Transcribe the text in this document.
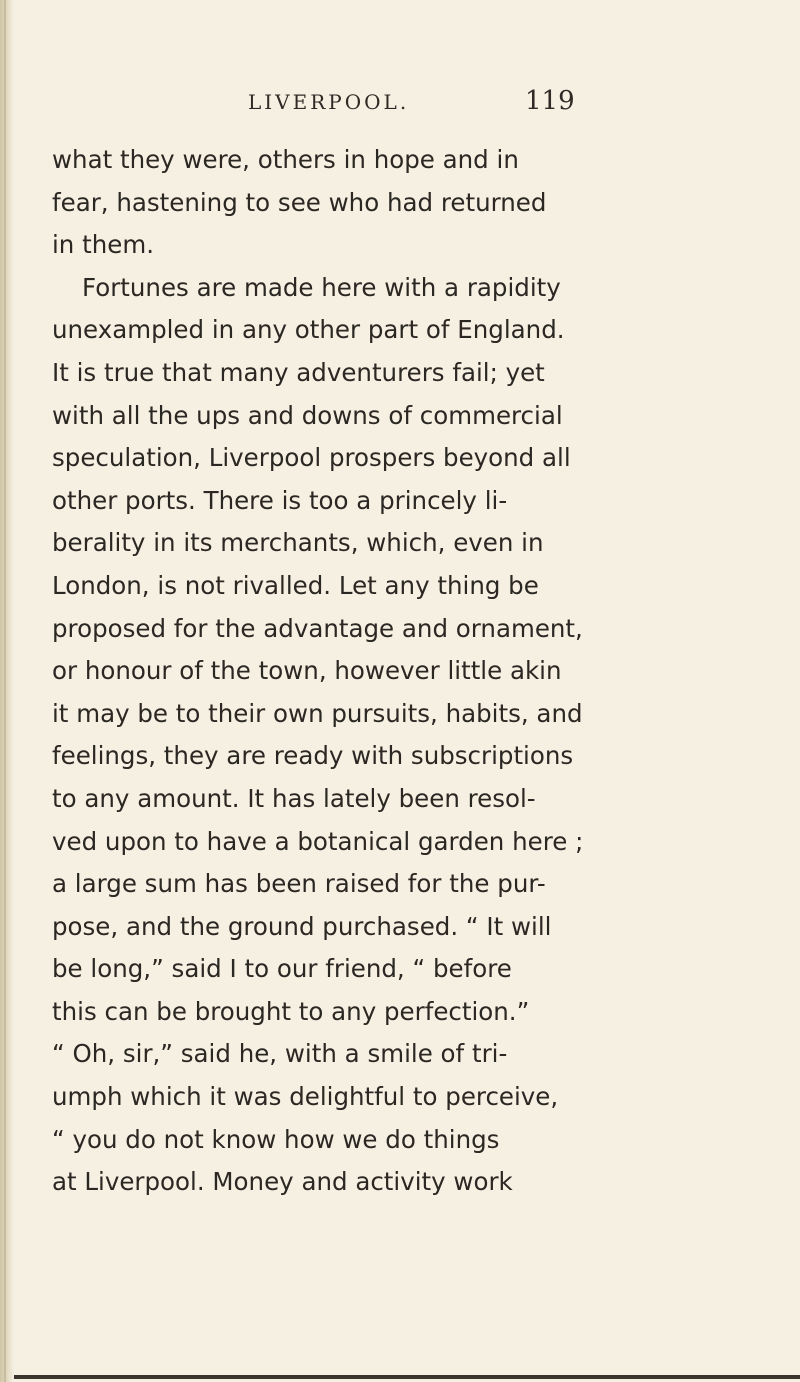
LIVERPOOL.	119
what they were, others in hope and in
fear, hastening to see who had returned
in them.
Fortunes are made here with a rapidity
unexampled in any other part of England.
It is true that many adventurers fail; yet
with all the ups and downs of commercial
speculation, Liverpool prospers beyond all
other ports. There is too a princely li-
berality in its merchants, which, even in
London, is not rivalled. Let any thing be
proposed for the advantage and ornament,
or honour of the town, however little akin
it may be to their own pursuits, habits, and
feelings, they are ready with subscriptions
to any amount. It has lately been resol-
ved upon to have a botanical garden here ;
a large sum has been raised for the pur-
pose, and the ground purchased. “ It will
be long,” said I to our friend, “ before
this can be brought to any perfection.”
“ Oh, sir,” said he, with a smile of tri-
umph which it was delightful to perceive,
“ you do not know how we do things
at Liverpool. Money and activity work
